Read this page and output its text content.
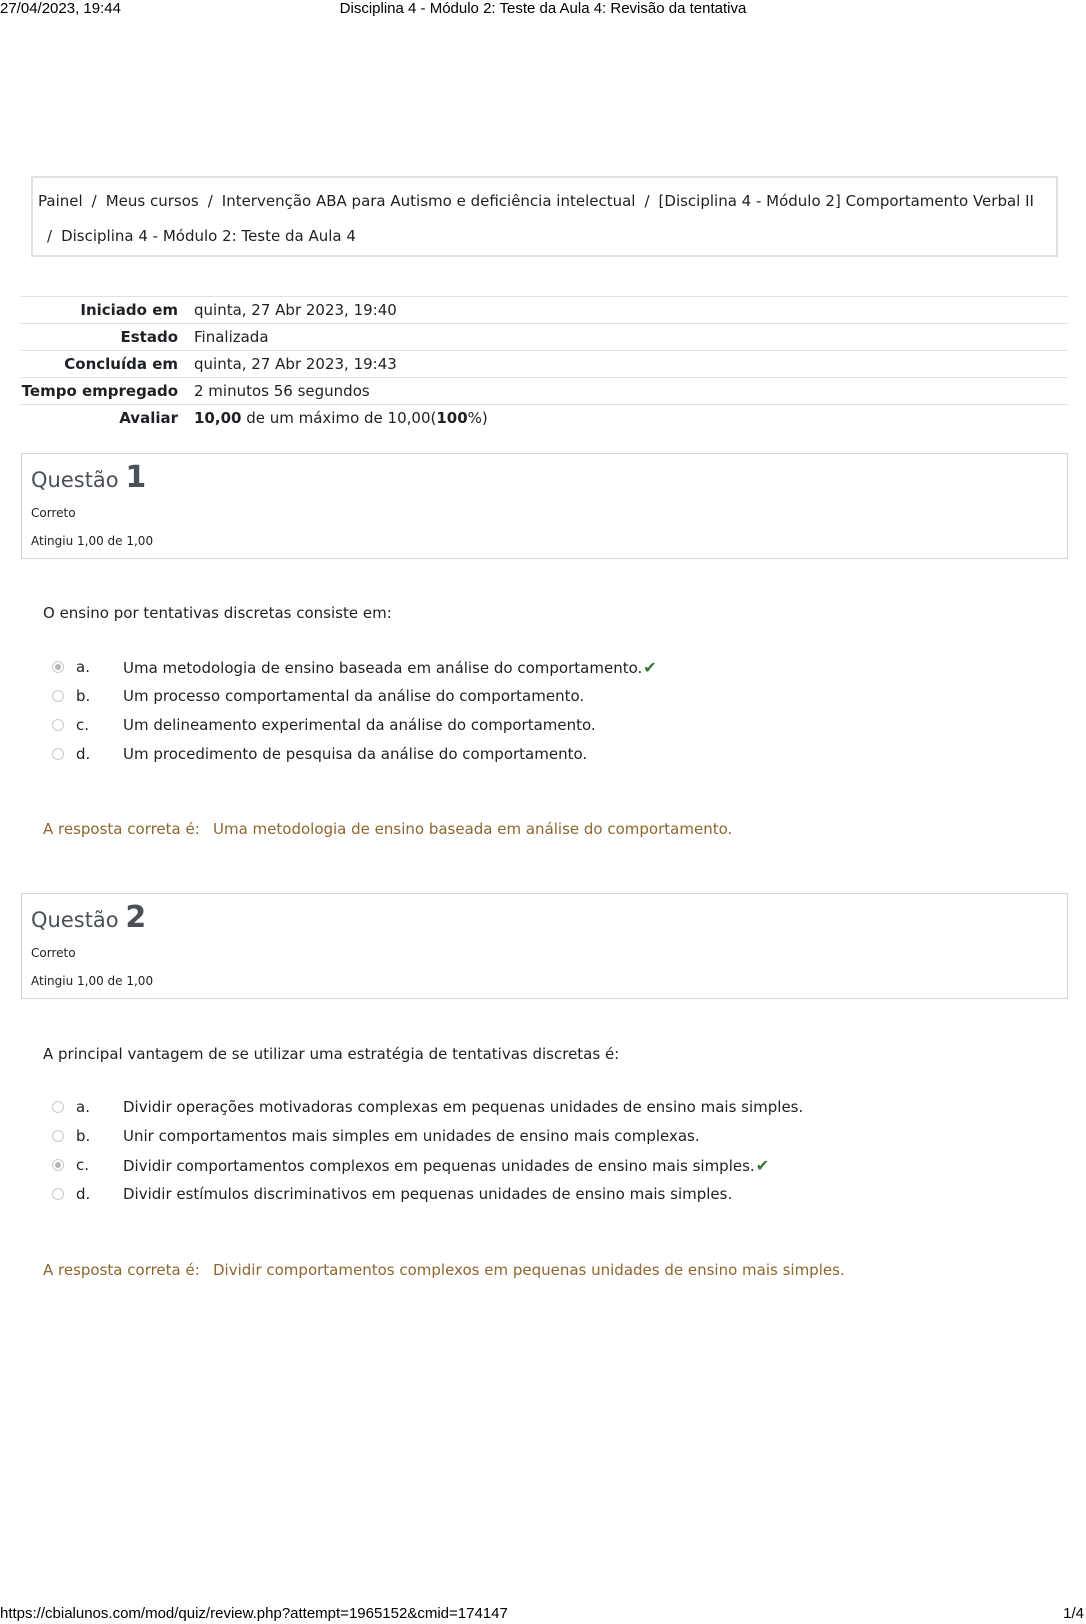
27/04/2023, 19:44	Disciplina 4 - Módulo 2: Teste da Aula 4: Revisão da tentativa
Painel / Meus cursos / Intervenção ABA para Autismo e deficiência intelectual / [Disciplina 4 - Módulo 2] Comportamento Verbal II
/ Disciplina 4 - Módulo 2: Teste da Aula 4
Iniciado em	quinta, 27 Abr 2023, 19:40
Estado	Finalizada
Concluída em	quinta, 27 Abr 2023, 19:43
Tempo empregado	2 minutos 56 segundos
Avaliar	10,00 de um máximo de 10,00(100%)
Questão 1
Correto
Atingiu 1,00 de 1,00
O ensino por tentativas discretas consiste em:
a. Uma metodologia de ensino baseada em análise do comportamento.✔
b. Um processo comportamental da análise do comportamento.
c. Um delineamento experimental da análise do comportamento.
d. Um procedimento de pesquisa da análise do comportamento.
A resposta correta é: Uma metodologia de ensino baseada em análise do comportamento.
Questão 2
Correto
Atingiu 1,00 de 1,00
A principal vantagem de se utilizar uma estratégia de tentativas discretas é:
a. Dividir operações motivadoras complexas em pequenas unidades de ensino mais simples.
b. Unir comportamentos mais simples em unidades de ensino mais complexas.
c. Dividir comportamentos complexos em pequenas unidades de ensino mais simples.✔
d. Dividir estímulos discriminativos em pequenas unidades de ensino mais simples.
A resposta correta é: Dividir comportamentos complexos em pequenas unidades de ensino mais simples.
https://cbialunos.com/mod/quiz/review.php?attempt=1965152&cmid=174147	1/4
